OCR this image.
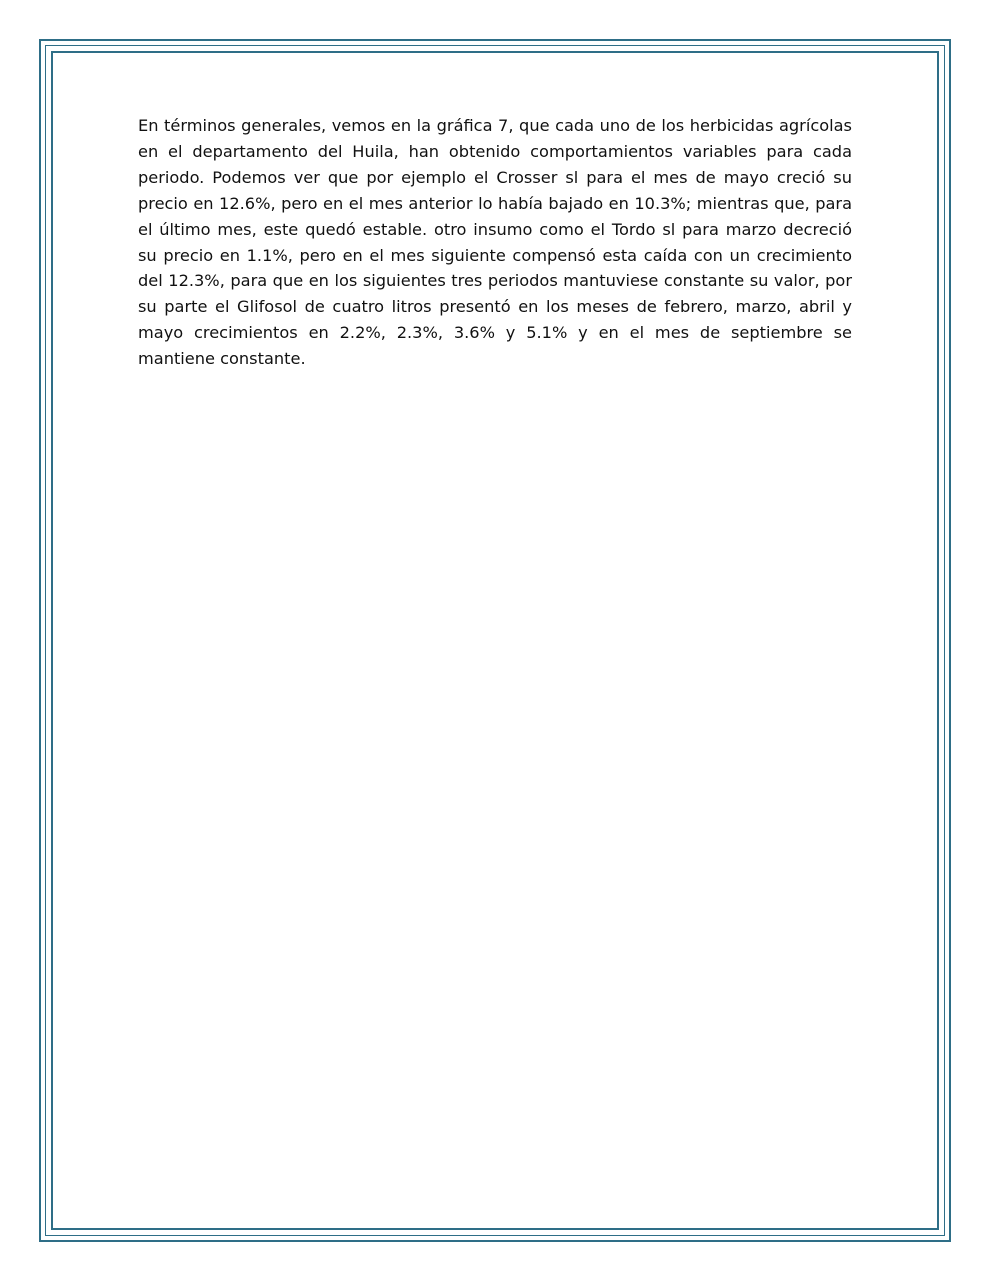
En términos generales, vemos en la gráfica 7, que cada uno de los herbicidas agrícolas en el departamento del Huila, han obtenido comportamientos variables para cada periodo. Podemos ver que por ejemplo el Crosser sl para el mes de mayo creció su precio en 12.6%, pero en el mes anterior lo había bajado en 10.3%; mientras que, para el último mes, este quedó estable. otro insumo como el Tordo sl para marzo decreció su precio en 1.1%, pero en el mes siguiente compensó esta caída con un crecimiento del 12.3%, para que en los siguientes tres periodos mantuviese constante su valor, por su parte el Glifosol de cuatro litros presentó en los meses de febrero, marzo, abril y mayo crecimientos en 2.2%, 2.3%, 3.6% y 5.1% y en el mes de septiembre se mantiene constante.
